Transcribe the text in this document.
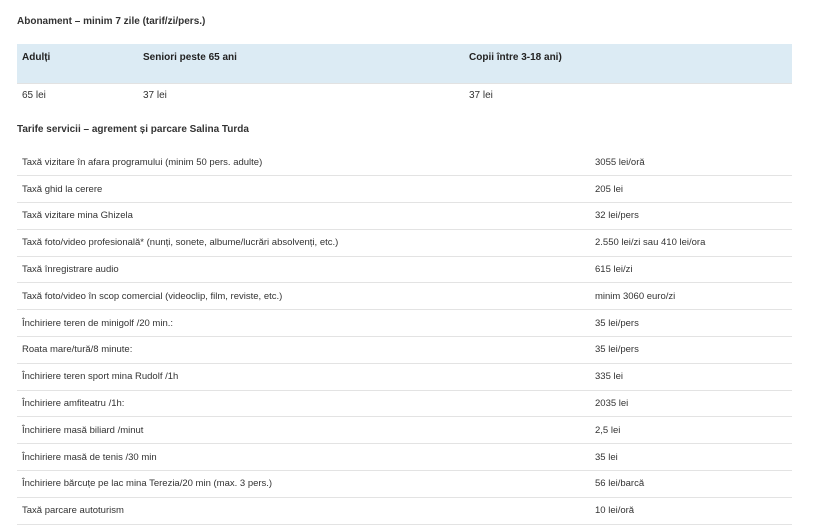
Abonament – minim 7 zile (tarif/zi/pers.)
Adulți	Seniori peste 65 ani	Copii între 3-18 ani)
65 lei	37 lei	37 lei
Tarife servicii – agrement și parcare Salina Turda
Taxă vizitare în afara programului (minim 50 pers. adulte)	3055 lei/oră
Taxă ghid la cerere	205 lei
Taxă vizitare mina Ghizela	32 lei/pers
Taxă foto/video profesională* (nunți, sonete, albume/lucrări absolvenți, etc.)	2.550 lei/zi sau 410 lei/ora
Taxă înregistrare audio	615 lei/zi
Taxă foto/video în scop comercial (videoclip, film, reviste, etc.)	minim 3060 euro/zi
Închiriere teren de minigolf /20 min.:	35 lei/pers
Roata mare/tură/8 minute:	35 lei/pers
Închiriere teren sport mina Rudolf /1h	335 lei
Închiriere amfiteatru /1h:	2035 lei
Închiriere masă biliard /minut	2,5 lei
Închiriere masă de tenis /30 min	35 lei
Închiriere bărcuțe pe lac mina Terezia/20 min (max. 3 pers.)	56 lei/barcă
Taxă parcare autoturism	10 lei/oră
